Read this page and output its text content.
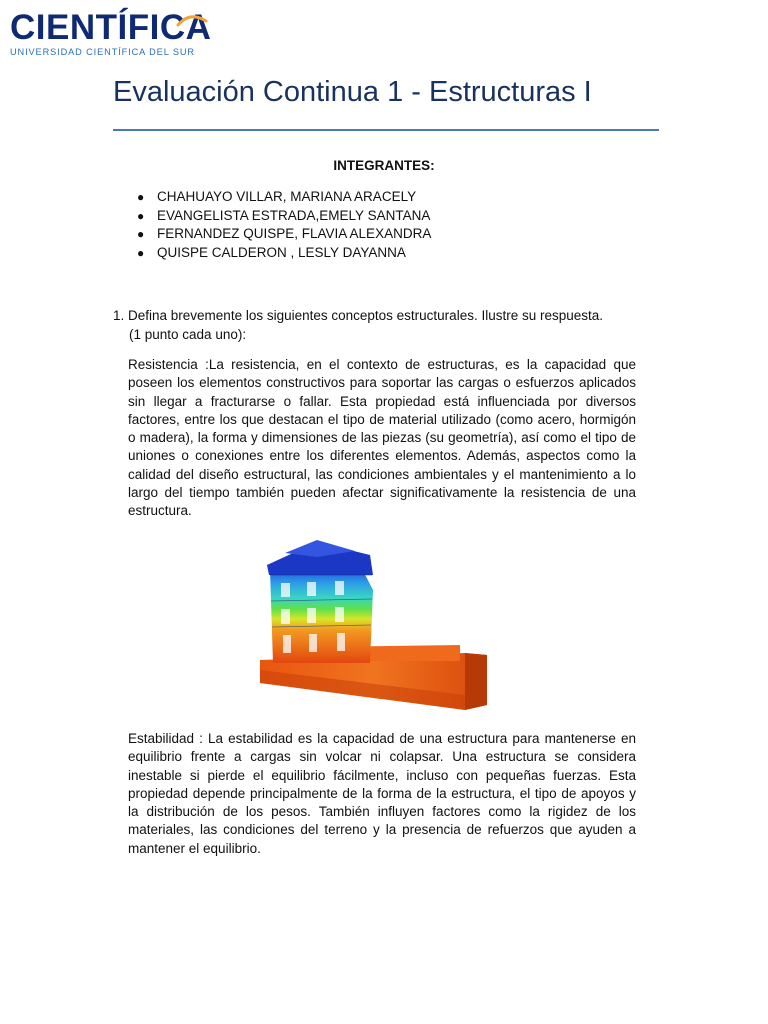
CIENTÍFICA
UNIVERSIDAD CIENTÍFICA DEL SUR
Evaluación Continua 1 - Estructuras I
INTEGRANTES:
● CHAHUAYO VILLAR, MARIANA ARACELY
● EVANGELISTA ESTRADA,EMELY SANTANA
● FERNANDEZ QUISPE, FLAVIA ALEXANDRA
● QUISPE CALDERON , LESLY DAYANNA
1. Defina brevemente los siguientes conceptos estructurales. Ilustre su respuesta.
(1 punto cada uno):

Resistencia :La resistencia, en el contexto de estructuras, es la capacidad que poseen los elementos constructivos para soportar las cargas o esfuerzos aplicados sin llegar a fracturarse o fallar. Esta propiedad está influenciada por diversos factores, entre los que destacan el tipo de material utilizado (como acero, hormigón o madera), la forma y dimensiones de las piezas (su geometría), así como el tipo de uniones o conexiones entre los diferentes elementos. Además, aspectos como la calidad del diseño estructural, las condiciones ambientales y el mantenimiento a lo largo del tiempo también pueden afectar significativamente la resistencia de una estructura.

Estabilidad : La estabilidad es la capacidad de una estructura para mantenerse en equilibrio frente a cargas sin volcar ni colapsar. Una estructura se considera inestable si pierde el equilibrio fácilmente, incluso con pequeñas fuerzas. Esta propiedad depende principalmente de la forma de la estructura, el tipo de apoyos y la distribución de los pesos. También influyen factores como la rigidez de los materiales, las condiciones del terreno y la presencia de refuerzos que ayuden a mantener el equilibrio.
